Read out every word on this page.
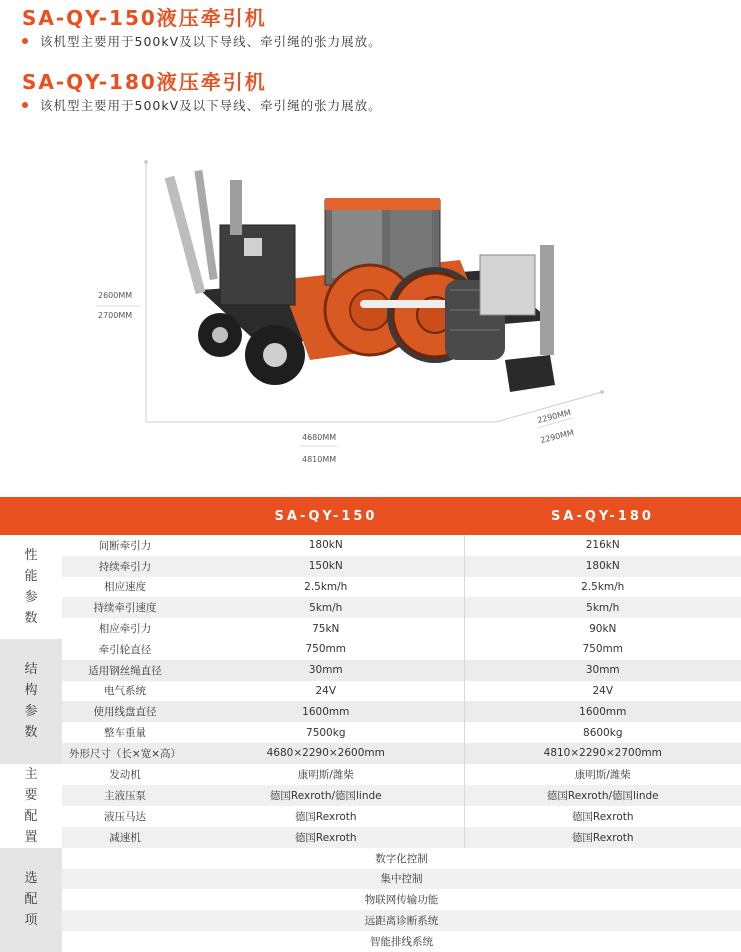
SA-QY-150液压牵引机
该机型主要用于500kV及以下导线、牵引绳的张力展放。
SA-QY-180液压牵引机
该机型主要用于500kV及以下导线、牵引绳的张力展放。
2600MM
2700MM
4680MM
4810MM
2290MM
2290MM
		SA-QY-150	SA-QY-180
性能参数	间断牵引力	180kN	216kN
	持续牵引力	150kN	180kN
	相应速度	2.5km/h	2.5km/h
	持续牵引速度	5km/h	5km/h
	相应牵引力	75kN	90kN
结构参数	牵引轮直径	750mm	750mm
	适用钢丝绳直径	30mm	30mm
	电气系统	24V	24V
	使用线盘直径	1600mm	1600mm
	整车重量	7500kg	8600kg
	外形尺寸（长×宽×高）	4680×2290×2600mm	4810×2290×2700mm
主要配置	发动机	康明斯/潍柴	康明斯/潍柴
	主液压泵	德国Rexroth/德国linde	德国Rexroth/德国linde
	液压马达	德国Rexroth	德国Rexroth
	减速机	德国Rexroth	德国Rexroth
选配项	数字化控制		
	集中控制		
	物联网传输功能		
	远距离诊断系统		
	智能排线系统		
